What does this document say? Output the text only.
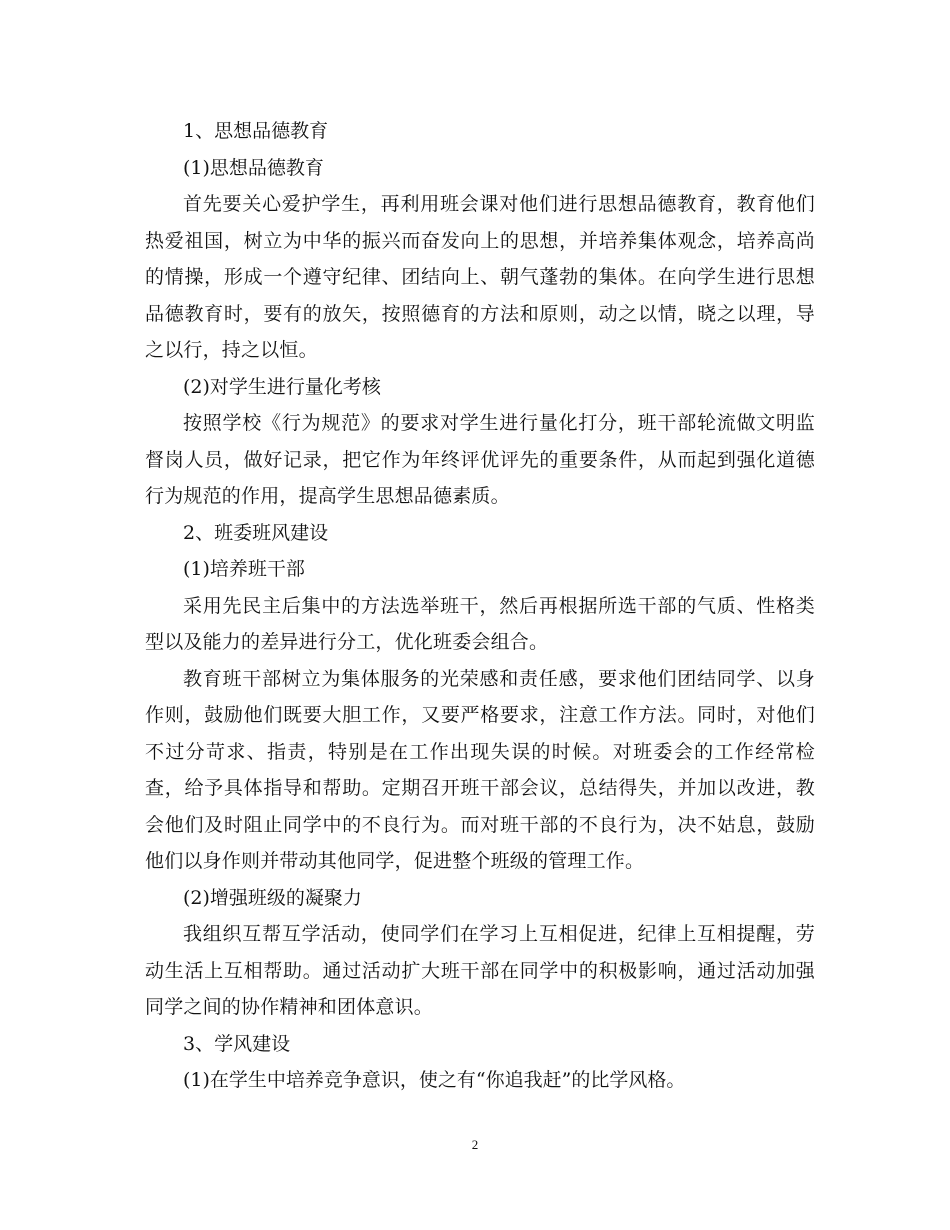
1、思想品德教育

(1)思想品德教育

首先要关心爱护学生，再利用班会课对他们进行思想品德教育，教育他们热爱祖国，树立为中华的振兴而奋发向上的思想，并培养集体观念，培养高尚的情操，形成一个遵守纪律、团结向上、朝气蓬勃的集体。在向学生进行思想品德教育时，要有的放矢，按照德育的方法和原则，动之以情，晓之以理，导之以行，持之以恒。

(2)对学生进行量化考核

按照学校《行为规范》的要求对学生进行量化打分，班干部轮流做文明监督岗人员，做好记录，把它作为年终评优评先的重要条件，从而起到强化道德行为规范的作用，提高学生思想品德素质。

2、班委班风建设

(1)培养班干部

采用先民主后集中的方法选举班干，然后再根据所选干部的气质、性格类型以及能力的差异进行分工，优化班委会组合。

教育班干部树立为集体服务的光荣感和责任感，要求他们团结同学、以身作则，鼓励他们既要大胆工作，又要严格要求，注意工作方法。同时，对他们不过分苛求、指责，特别是在工作出现失误的时候。对班委会的工作经常检查，给予具体指导和帮助。定期召开班干部会议，总结得失，并加以改进，教会他们及时阻止同学中的不良行为。而对班干部的不良行为，决不姑息，鼓励他们以身作则并带动其他同学，促进整个班级的管理工作。

(2)增强班级的凝聚力

我组织互帮互学活动，使同学们在学习上互相促进，纪律上互相提醒，劳动生活上互相帮助。通过活动扩大班干部在同学中的积极影响，通过活动加强同学之间的协作精神和团体意识。

3、学风建设

(1)在学生中培养竞争意识，使之有“你追我赶”的比学风格。

2
